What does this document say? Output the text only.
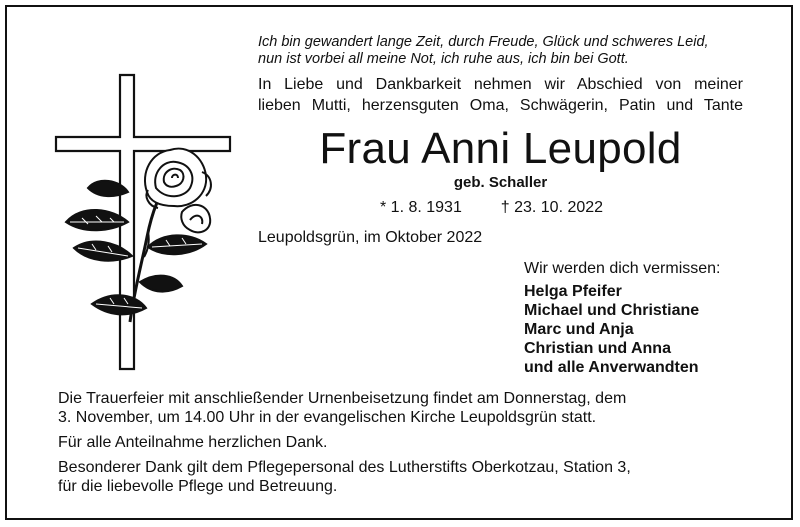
Ich bin gewandert lange Zeit, durch Freude, Glück und schweres Leid,
nun ist vorbei all meine Not, ich ruhe aus, ich bin bei Gott.
In Liebe und Dankbarkeit nehmen wir Abschied von meiner
lieben Mutti, herzensguten Oma, Schwägerin, Patin und Tante
Frau Anni Leupold
geb. Schaller
* 1. 8. 1931 † 23. 10. 2022
Leupoldsgrün, im Oktober 2022
Wir werden dich vermissen:
Helga Pfeifer
Michael und Christiane
Marc und Anja
Christian und Anna
und alle Anverwandten
Die Trauerfeier mit anschließender Urnenbeisetzung findet am Donnerstag, dem
3. November, um 14.00 Uhr in der evangelischen Kirche Leupoldsgrün statt.
Für alle Anteilnahme herzlichen Dank.
Besonderer Dank gilt dem Pflegepersonal des Lutherstifts Oberkotzau, Station 3,
für die liebevolle Pflege und Betreuung.
